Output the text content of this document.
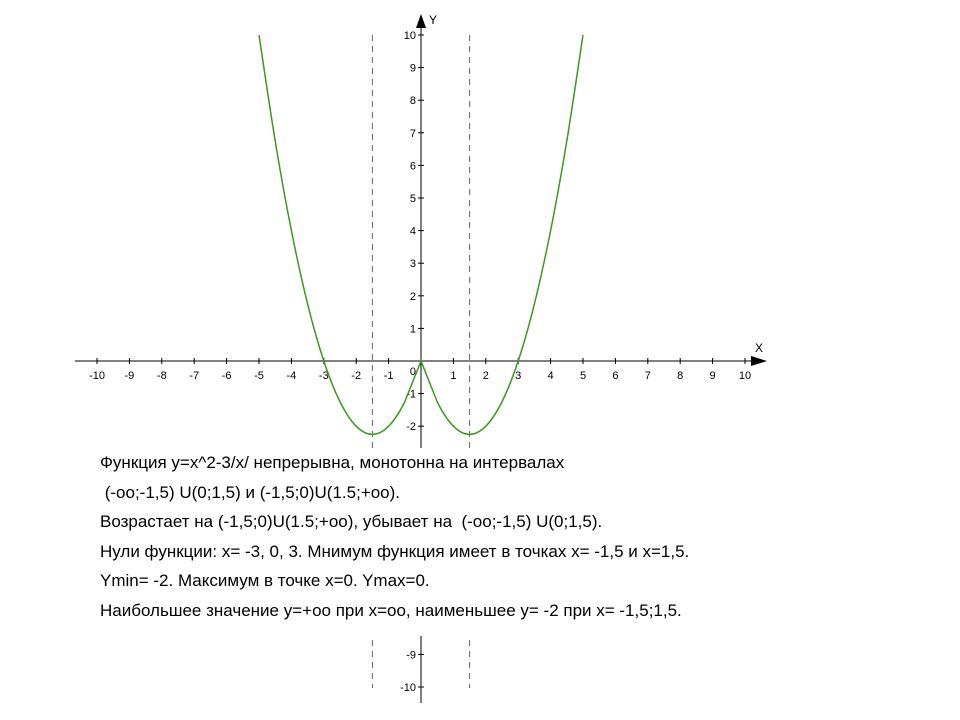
X
Y
-10 -9 -8 -7 -6 -5 -4 -3 -2 -1	1 2 3 4 5 6 7 8 9 10
10
9
8
7
6
5
4
3
2
1
-1
-2
-9
-10
0
Функция y=x^2-3/x/ непрерывна, монотонна на интервалах
(-oo;-1,5) U(0;1,5) и (-1,5;0)U(1.5;+oo).
Возрастает на (-1,5;0)U(1.5;+oo), убывает на  (-oo;-1,5) U(0;1,5).
Нули функции: x= -3, 0, 3. Мнимум функция имеет в точках x= -1,5 и x=1,5.
Ymin= -2. Максимум в точке x=0. Ymax=0.
Наибольшее значение y=+oo при x=oo, наименьшее y= -2 при x= -1,5;1,5.
